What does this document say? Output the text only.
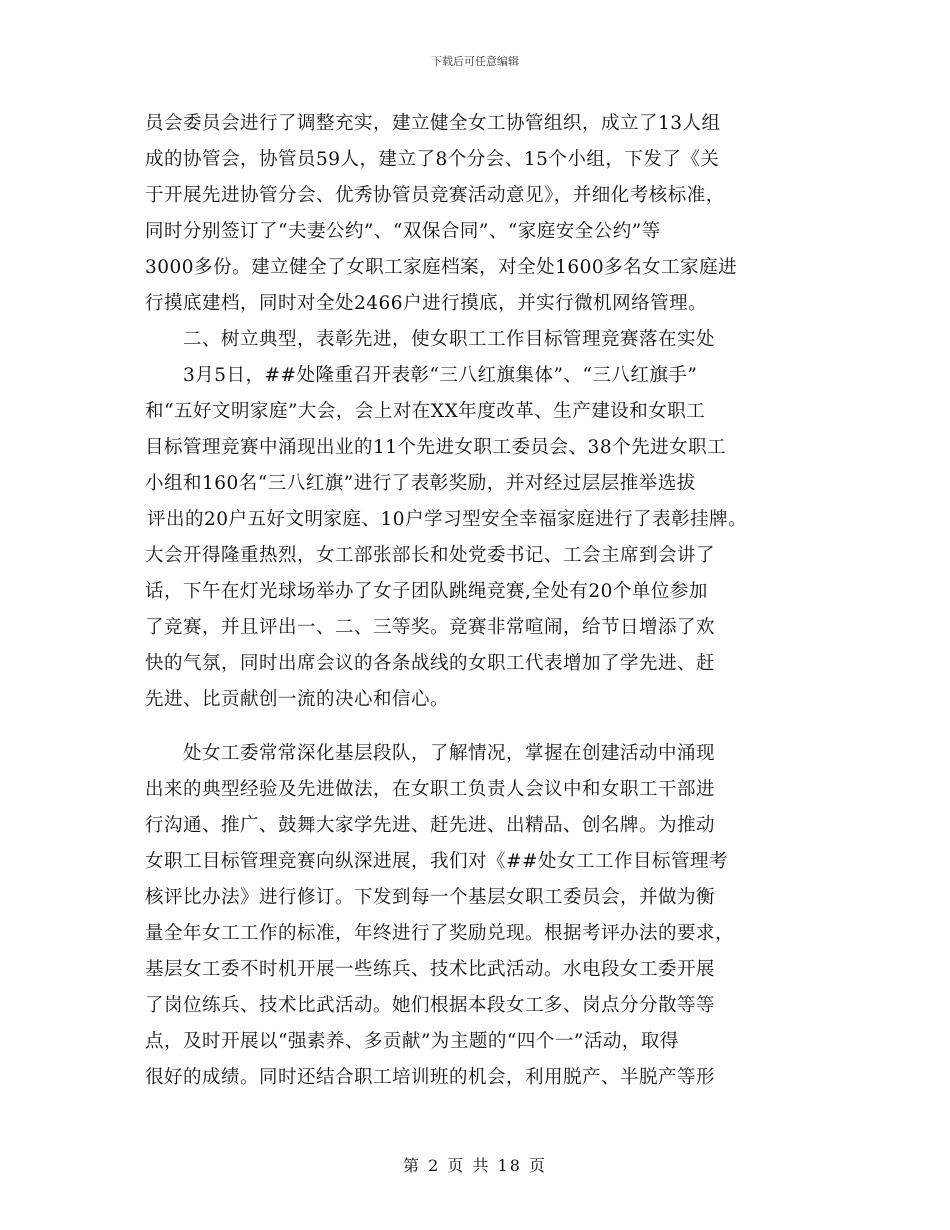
下载后可任意编辑
员会委员会进行了调整充实，建立健全女工协管组织，成立了13人组
成的协管会，协管员59人，建立了8个分会、15个小组，下发了《关
于开展先进协管分会、优秀协管员竞赛活动意见》，并细化考核标准，
同时分别签订了“夫妻公约”、“双保合同”、“家庭安全公约”等
3000多份。建立健全了女职工家庭档案，对全处1600多名女工家庭进
行摸底建档，同时对全处2466户进行摸底，并实行微机网络管理。
二、树立典型，表彰先进，使女职工工作目标管理竞赛落在实处
3月5日，##处隆重召开表彰“三八红旗集体”、“三八红旗手”
和“五好文明家庭”大会，会上对在XX年度改革、生产建设和女职工
目标管理竞赛中涌现出业的11个先进女职工委员会、38个先进女职工
小组和160名“三八红旗”进行了表彰奖励，并对经过层层推举选拔
评出的20户五好文明家庭、10户学习型安全幸福家庭进行了表彰挂牌。
大会开得隆重热烈，女工部张部长和处党委书记、工会主席到会讲了
话，下午在灯光球场举办了女子团队跳绳竞赛,全处有20个单位参加
了竞赛，并且评出一、二、三等奖。竞赛非常喧闹，给节日增添了欢
快的气氛，同时出席会议的各条战线的女职工代表增加了学先进、赶
先进、比贡献创一流的决心和信心。
处女工委常常深化基层段队，了解情况，掌握在创建活动中涌现
出来的典型经验及先进做法，在女职工负责人会议中和女职工干部进
行沟通、推广、鼓舞大家学先进、赶先进、出精品、创名牌。为推动
女职工目标管理竞赛向纵深进展，我们对《##处女工工作目标管理考
核评比办法》进行修订。下发到每一个基层女职工委员会，并做为衡
量全年女工工作的标准，年终进行了奖励兑现。根据考评办法的要求，
基层女工委不时机开展一些练兵、技术比武活动。水电段女工委开展
了岗位练兵、技术比武活动。她们根据本段女工多、岗点分分散等等
点，及时开展以“强素养、多贡献”为主题的“四个一”活动，取得
很好的成绩。同时还结合职工培训班的机会，利用脱产、半脱产等形
第 2 页 共 18 页
